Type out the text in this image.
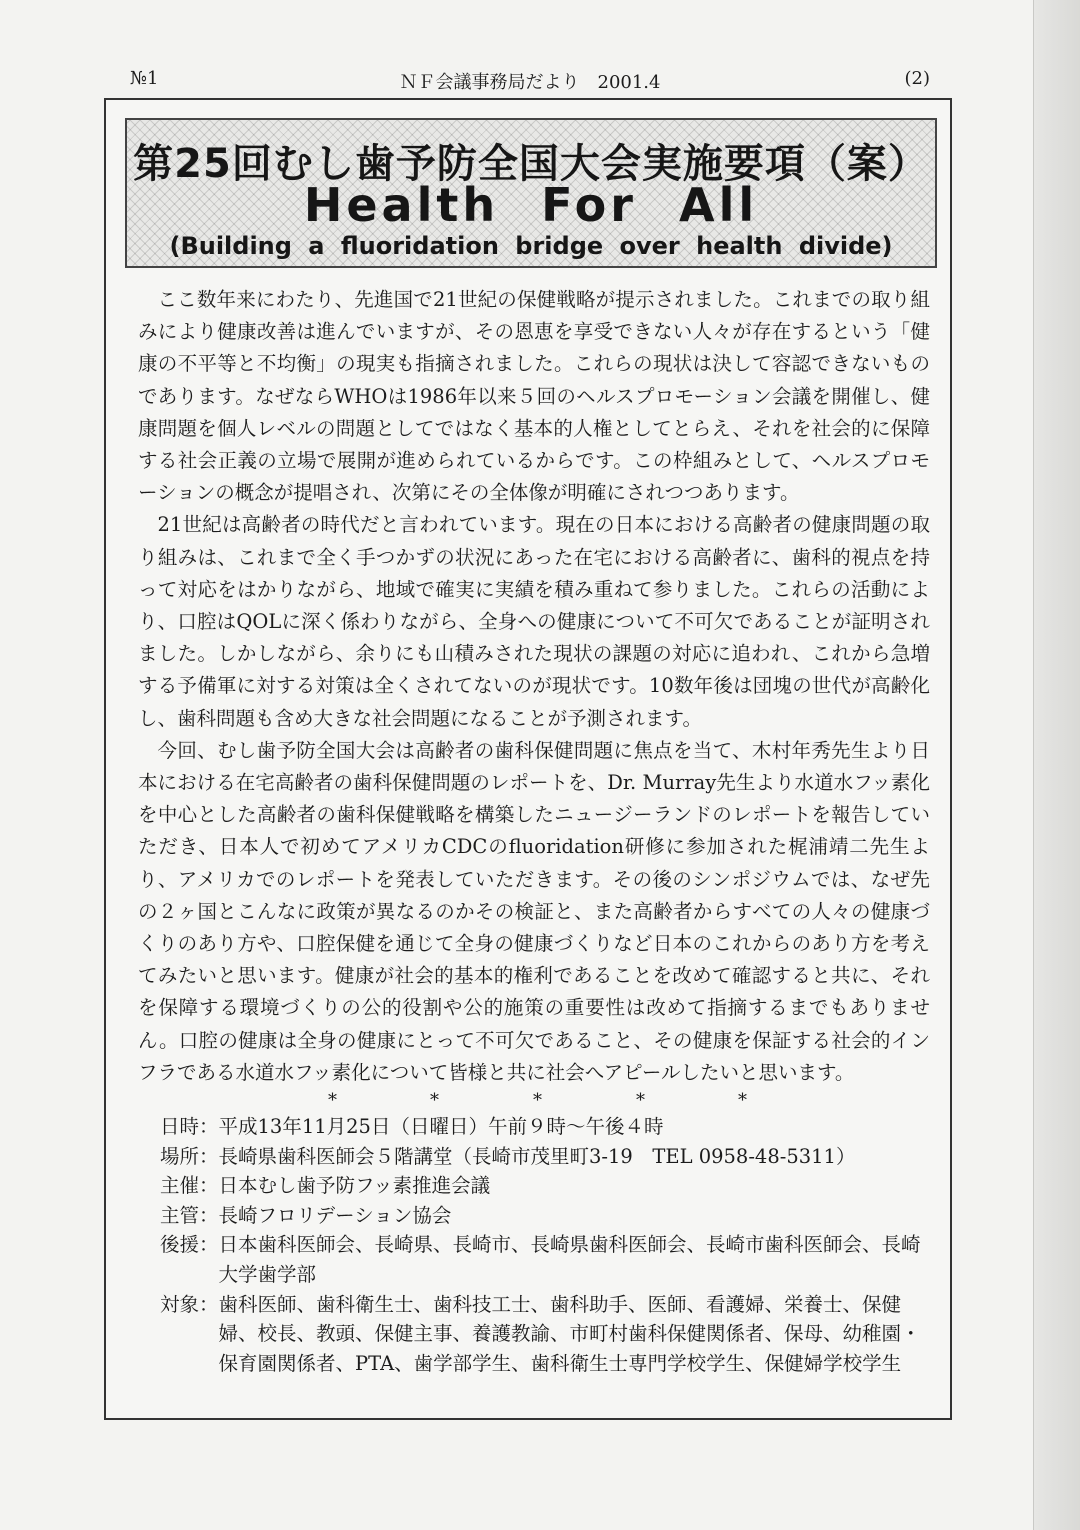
№1	ＮＦ会議事務局だより　2001.4	(2)
第25回むし歯予防全国大会実施要項（案）
Health For All
(Building a fluoridation bridge over health divide)

ここ数年来にわたり、先進国で21世紀の保健戦略が提示されました。これまでの取り組みにより健康改善は進んでいますが、その恩恵を享受できない人々が存在するという「健康の不平等と不均衡」の現実も指摘されました。これらの現状は決して容認できないものであります。なぜならWHOは1986年以来５回のヘルスプロモーション会議を開催し、健康問題を個人レベルの問題としてではなく基本的人権としてとらえ、それを社会的に保障する社会正義の立場で展開が進められているからです。この枠組みとして、ヘルスプロモーションの概念が提唱され、次第にその全体像が明確にされつつあります。

21世紀は高齢者の時代だと言われています。現在の日本における高齢者の健康問題の取り組みは、これまで全く手つかずの状況にあった在宅における高齢者に、歯科的視点を持って対応をはかりながら、地域で確実に実績を積み重ねて参りました。これらの活動により、口腔はQOLに深く係わりながら、全身への健康について不可欠であることが証明されました。しかしながら、余りにも山積みされた現状の課題の対応に追われ、これから急増する予備軍に対する対策は全くされてないのが現状です。10数年後は団塊の世代が高齢化し、歯科問題も含め大きな社会問題になることが予測されます。

今回、むし歯予防全国大会は高齢者の歯科保健問題に焦点を当て、木村年秀先生より日本における在宅高齢者の歯科保健問題のレポートを、Dr. Murray先生より水道水フッ素化を中心とした高齢者の歯科保健戦略を構築したニュージーランドのレポートを報告していただき、日本人で初めてアメリカCDCのfluoridation研修に参加された梶浦靖二先生より、アメリカでのレポートを発表していただきます。その後のシンポジウムでは、なぜ先の２ヶ国とこんなに政策が異なるのかその検証と、また高齢者からすべての人々の健康づくりのあり方や、口腔保健を通じて全身の健康づくりなど日本のこれからのあり方を考えてみたいと思います。健康が社会的基本的権利であることを改めて確認すると共に、それを保障する環境づくりの公的役割や公的施策の重要性は改めて指摘するまでもありません。口腔の健康は全身の健康にとって不可欠であること、その健康を保証する社会的インフラである水道水フッ素化について皆様と共に社会へアピールしたいと思います。

*	*	*	*	*
日時： 平成13年11月25日（日曜日）午前９時～午後４時
場所： 長崎県歯科医師会５階講堂（長崎市茂里町3-19　TEL 0958-48-5311）
主催： 日本むし歯予防フッ素推進会議
主管： 長崎フロリデーション協会
後援： 日本歯科医師会、長崎県、長崎市、長崎県歯科医師会、長崎市歯科医師会、長崎大学歯学部
対象： 歯科医師、歯科衛生士、歯科技工士、歯科助手、医師、看護婦、栄養士、保健婦、校長、教頭、保健主事、養護教諭、市町村歯科保健関係者、保母、幼稚園・保育園関係者、PTA、歯学部学生、歯科衛生士専門学校学生、保健婦学校学生
